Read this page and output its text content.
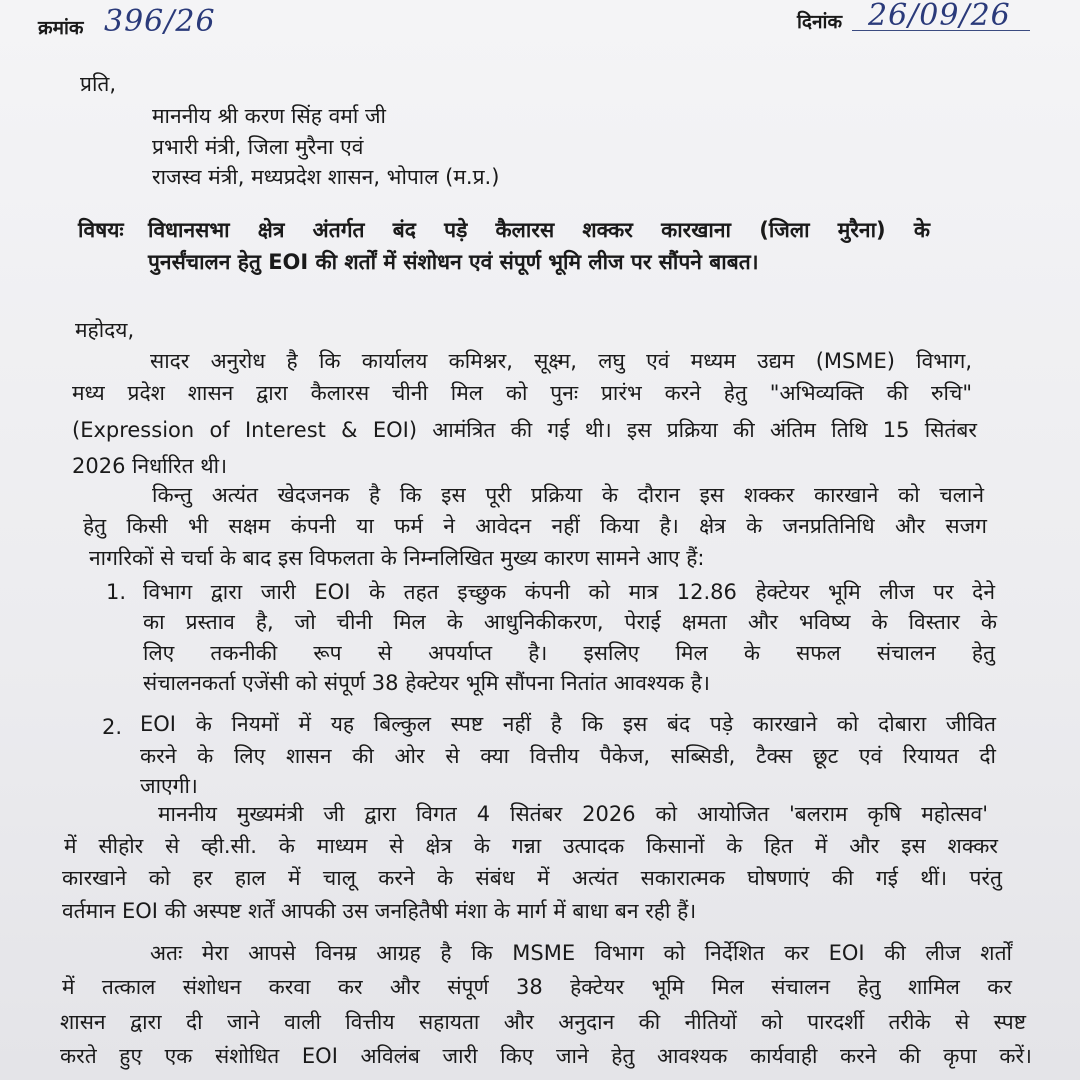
क्रमांक 396/26	दिनांक 26/09/26
प्रति,
माननीय श्री करण सिंह वर्मा जी
प्रभारी मंत्री, जिला मुरैना एवं
राजस्व मंत्री, मध्यप्रदेश शासन, भोपाल (म.प्र.)
विषयः विधानसभा क्षेत्र अंतर्गत बंद पड़े कैलारस शक्कर कारखाना (जिला मुरैना) के
पुनर्संचालन हेतु EOI की शर्तों में संशोधन एवं संपूर्ण भूमि लीज पर सौंपने बाबत।
महोदय,
सादर अनुरोध है कि कार्यालय कमिश्नर, सूक्ष्म, लघु एवं मध्यम उद्यम (MSME) विभाग,
मध्य प्रदेश शासन द्वारा कैलारस चीनी मिल को पुनः प्रारंभ करने हेतु "अभिव्यक्ति की रुचि"
(Expression of Interest & EOI) आमंत्रित की गई थी। इस प्रक्रिया की अंतिम तिथि 15 सितंबर
2026 निर्धारित थी।
किन्तु अत्यंत खेदजनक है कि इस पूरी प्रक्रिया के दौरान इस शक्कर कारखाने को चलाने
हेतु किसी भी सक्षम कंपनी या फर्म ने आवेदन नहीं किया है। क्षेत्र के जनप्रतिनिधि और सजग
नागरिकों से चर्चा के बाद इस विफलता के निम्नलिखित मुख्य कारण सामने आए हैं:
1. विभाग द्वारा जारी EOI के तहत इच्छुक कंपनी को मात्र 12.86 हेक्टेयर भूमि लीज पर देने
का प्रस्ताव है, जो चीनी मिल के आधुनिकीकरण, पेराई क्षमता और भविष्य के विस्तार के
लिए तकनीकी रूप से अपर्याप्त है। इसलिए मिल के सफल संचालन हेतु
संचालनकर्ता एजेंसी को संपूर्ण 38 हेक्टेयर भूमि सौंपना नितांत आवश्यक है।
2. EOI के नियमों में यह बिल्कुल स्पष्ट नहीं है कि इस बंद पड़े कारखाने को दोबारा जीवित
करने के लिए शासन की ओर से क्या वित्तीय पैकेज, सब्सिडी, टैक्स छूट एवं रियायत दी
जाएगी।
माननीय मुख्यमंत्री जी द्वारा विगत 4 सितंबर 2026 को आयोजित 'बलराम कृषि महोत्सव'
में सीहोर से व्ही.सी. के माध्यम से क्षेत्र के गन्ना उत्पादक किसानों के हित में और इस शक्कर
कारखाने को हर हाल में चालू करने के संबंध में अत्यंत सकारात्मक घोषणाएं की गई थीं। परंतु
वर्तमान EOI की अस्पष्ट शर्तें आपकी उस जनहितैषी मंशा के मार्ग में बाधा बन रही हैं।
अतः मेरा आपसे विनम्र आग्रह है कि MSME विभाग को निर्देशित कर EOI की लीज शर्तों
में तत्काल संशोधन करवा कर और संपूर्ण 38 हेक्टेयर भूमि मिल संचालन हेतु शामिल कर
शासन द्वारा दी जाने वाली वित्तीय सहायता और अनुदान की नीतियों को पारदर्शी तरीके से स्पष्ट
करते हुए एक संशोधित EOI अविलंब जारी किए जाने हेतु आवश्यक कार्यवाही करने की कृपा करें।
